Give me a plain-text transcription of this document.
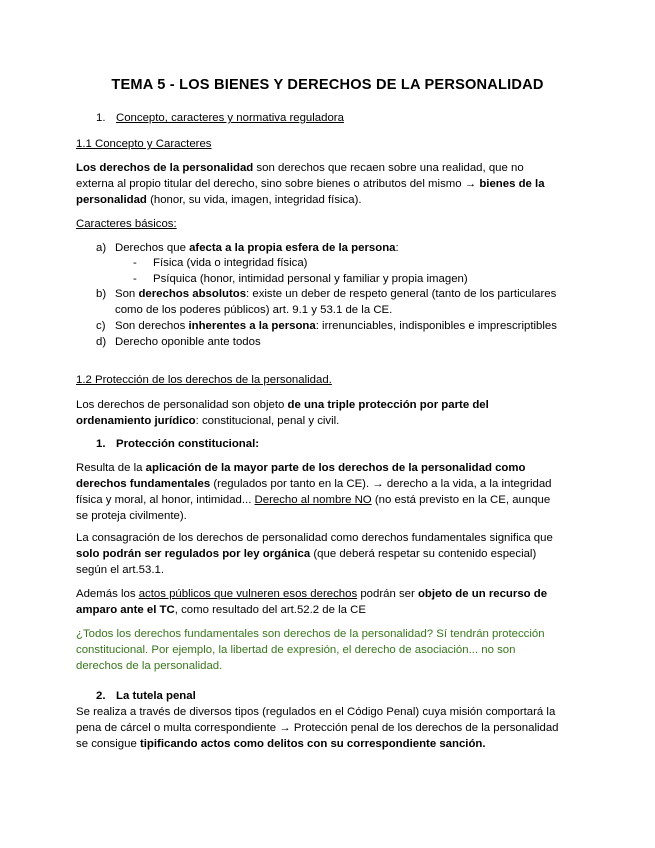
TEMA 5 - LOS BIENES Y DERECHOS DE LA PERSONALIDAD
1. Concepto, caracteres y normativa reguladora
1.1 Concepto y Caracteres
Los derechos de la personalidad son derechos que recaen sobre una realidad, que no
externa al propio titular del derecho, sino sobre bienes o atributos del mismo → bienes de la
personalidad (honor, su vida, imagen, integridad física).
Caracteres básicos:
a) Derechos que afecta a la propia esfera de la persona:
- Física (vida o integridad física)
- Psíquica (honor, intimidad personal y familiar y propia imagen)
b) Son derechos absolutos: existe un deber de respeto general (tanto de los particulares
como de los poderes públicos) art. 9.1 y 53.1 de la CE.
c) Son derechos inherentes a la persona: irrenunciables, indisponibles e imprescriptibles
d) Derecho oponible ante todos
1.2 Protección de los derechos de la personalidad.
Los derechos de personalidad son objeto de una triple protección por parte del
ordenamiento jurídico: constitucional, penal y civil.
1. Protección constitucional:
Resulta de la aplicación de la mayor parte de los derechos de la personalidad como
derechos fundamentales (regulados por tanto en la CE). → derecho a la vida, a la integridad
física y moral, al honor, intimidad... Derecho al nombre NO (no está previsto en la CE, aunque
se proteja civilmente).
La consagración de los derechos de personalidad como derechos fundamentales significa que
solo podrán ser regulados por ley orgánica (que deberá respetar su contenido especial)
según el art.53.1.
Además los actos públicos que vulneren esos derechos podrán ser objeto de un recurso de
amparo ante el TC, como resultado del art.52.2 de la CE
¿Todos los derechos fundamentales son derechos de la personalidad? Sí tendrán protección
constitucional. Por ejemplo, la libertad de expresión, el derecho de asociación... no son
derechos de la personalidad.
2. La tutela penal
Se realiza a través de diversos tipos (regulados en el Código Penal) cuya misión comportará la
pena de cárcel o multa correspondiente → Protección penal de los derechos de la personalidad
se consigue tipificando actos como delitos con su correspondiente sanción.
